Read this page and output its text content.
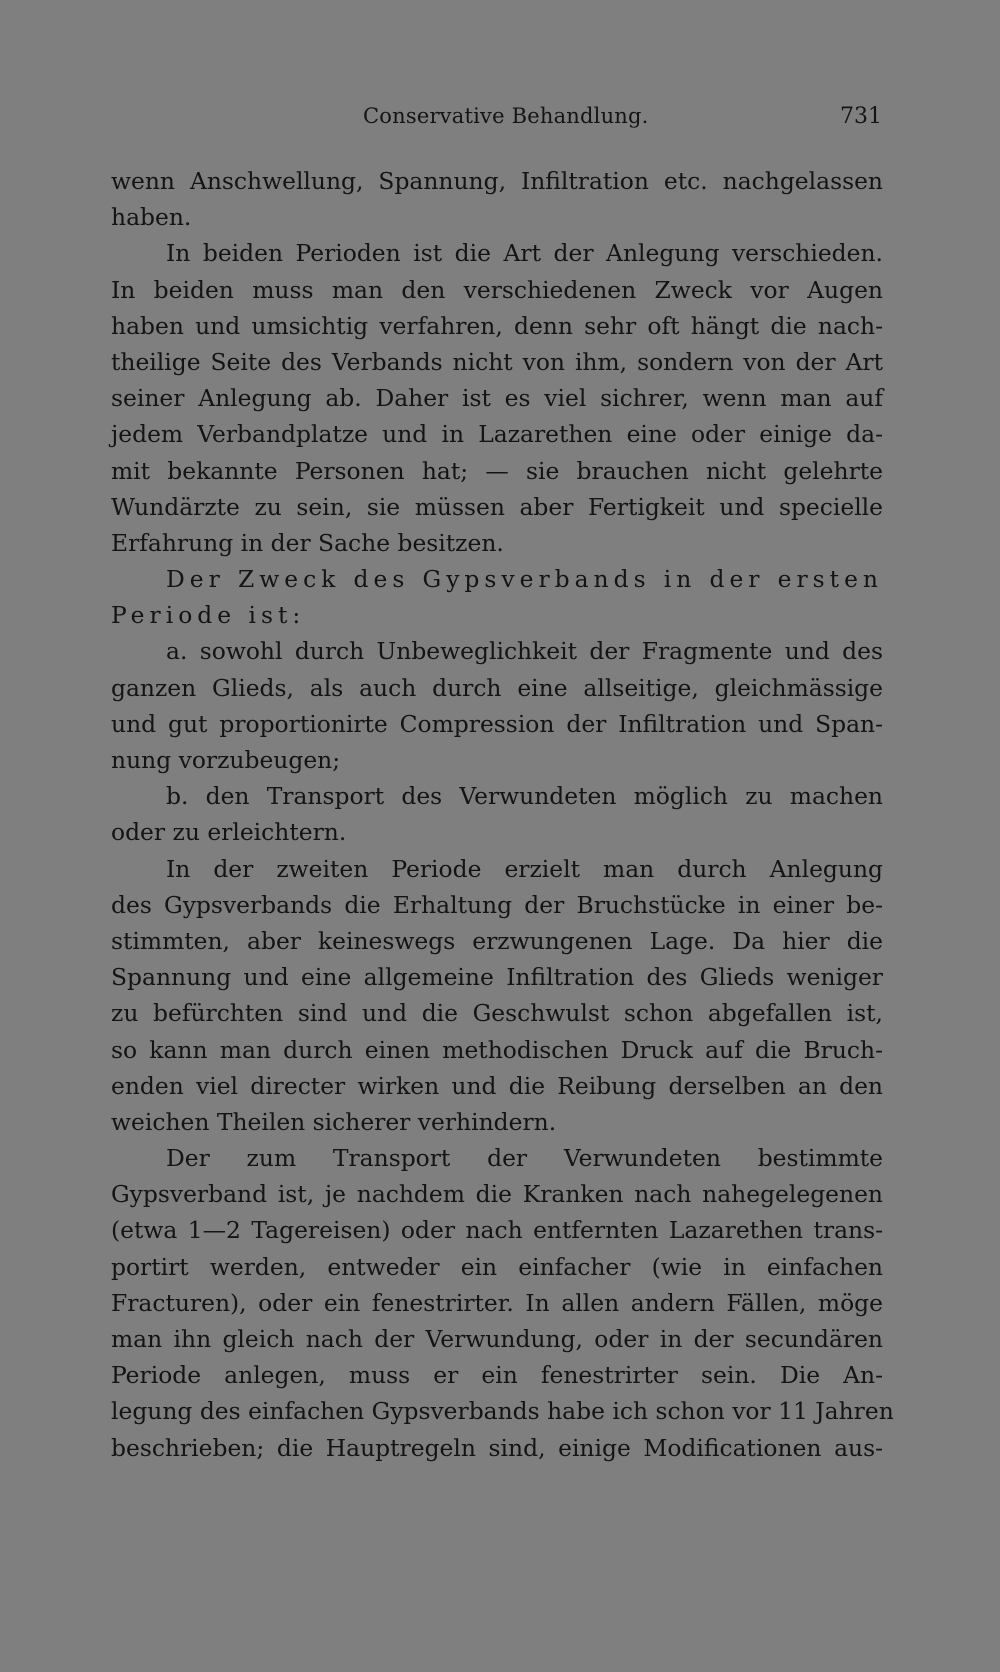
Conservative Behandlung.	731
wenn Anschwellung, Spannung, Infiltration etc. nachgelassen
haben.
In beiden Perioden ist die Art der Anlegung verschieden.
In beiden muss man den verschiedenen Zweck vor Augen
haben und umsichtig verfahren, denn sehr oft hängt die nach-
theilige Seite des Verbands nicht von ihm, sondern von der Art
seiner Anlegung ab. Daher ist es viel sichrer, wenn man auf
jedem Verbandplatze und in Lazarethen eine oder einige da-
mit bekannte Personen hat; — sie brauchen nicht gelehrte
Wundärzte zu sein, sie müssen aber Fertigkeit und specielle
Erfahrung in der Sache besitzen.
Der Zweck des Gypsverbands in der ersten
Periode ist:
a. sowohl durch Unbeweglichkeit der Fragmente und des
ganzen Glieds, als auch durch eine allseitige, gleichmässige
und gut proportionirte Compression der Infiltration und Span-
nung vorzubeugen;
b. den Transport des Verwundeten möglich zu machen
oder zu erleichtern.
In der zweiten Periode erzielt man durch Anlegung
des Gypsverbands die Erhaltung der Bruchstücke in einer be-
stimmten, aber keineswegs erzwungenen Lage. Da hier die
Spannung und eine allgemeine Infiltration des Glieds weniger
zu befürchten sind und die Geschwulst schon abgefallen ist,
so kann man durch einen methodischen Druck auf die Bruch-
enden viel directer wirken und die Reibung derselben an den
weichen Theilen sicherer verhindern.
Der zum Transport der Verwundeten bestimmte
Gypsverband ist, je nachdem die Kranken nach nahegelegenen
(etwa 1—2 Tagereisen) oder nach entfernten Lazarethen trans-
portirt werden, entweder ein einfacher (wie in einfachen
Fracturen), oder ein fenestrirter. In allen andern Fällen, möge
man ihn gleich nach der Verwundung, oder in der secundären
Periode anlegen, muss er ein fenestrirter sein. Die An-
legung des einfachen Gypsverbands habe ich schon vor 11 Jahren
beschrieben; die Hauptregeln sind, einige Modificationen aus-
